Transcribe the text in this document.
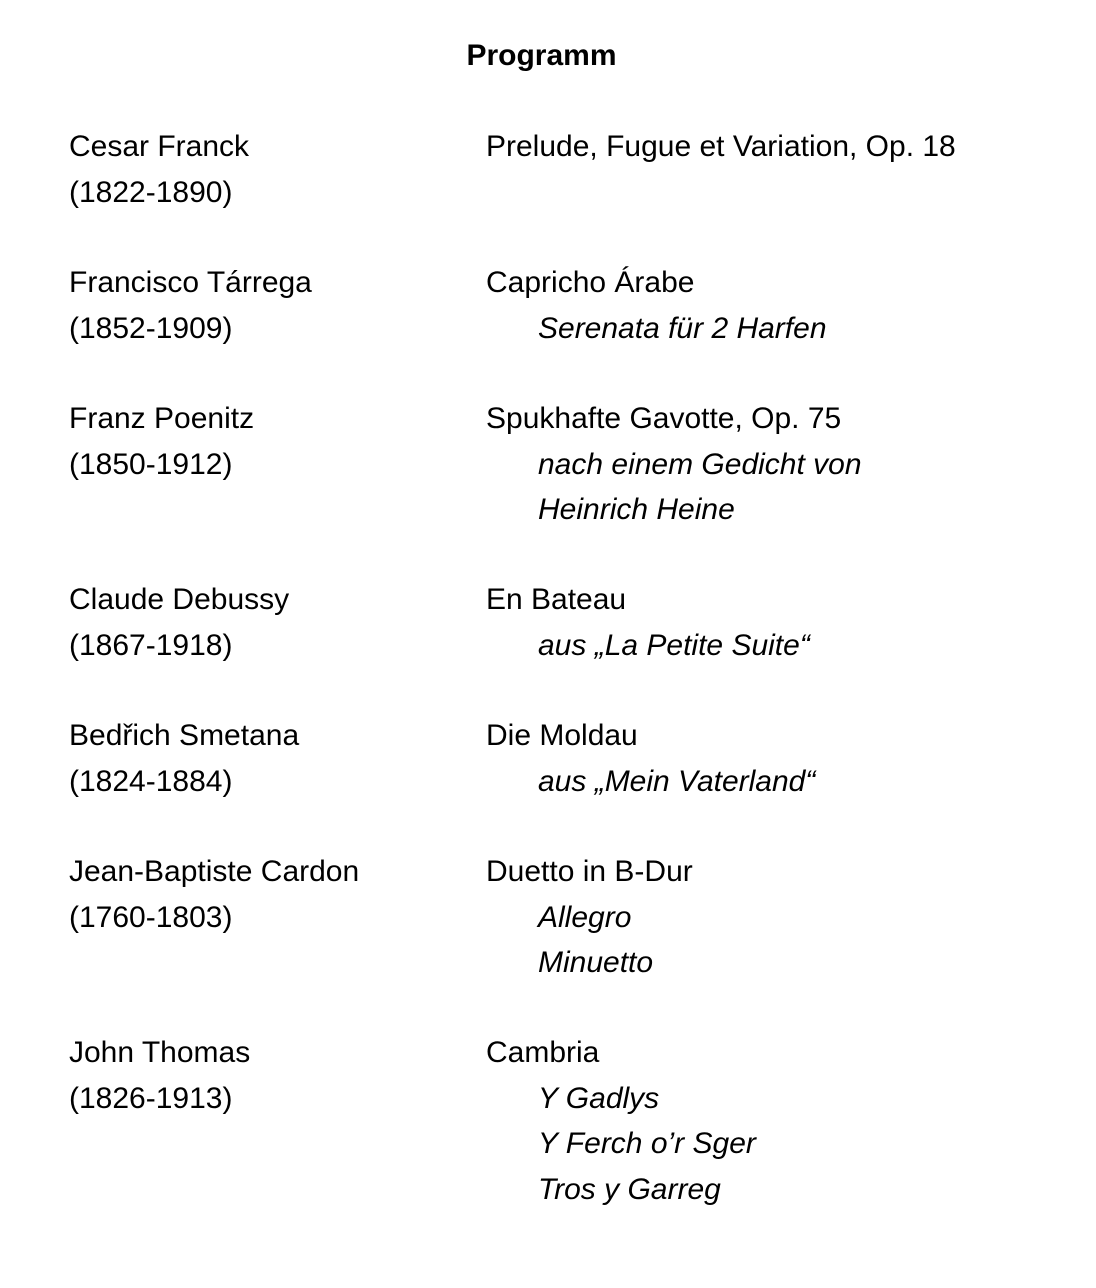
Programm
Cesar Franck
(1822-1890)
Prelude, Fugue et Variation, Op. 18
Francisco Tárrega
(1852-1909)
Capricho Árabe
Serenata für 2 Harfen
Franz Poenitz
(1850-1912)
Spukhafte Gavotte, Op. 75
nach einem Gedicht von
Heinrich Heine
Claude Debussy
(1867-1918)
En Bateau
aus „La Petite Suite“
Bedřich Smetana
(1824-1884)
Die Moldau
aus „Mein Vaterland“
Jean-Baptiste Cardon
(1760-1803)
Duetto in B-Dur
Allegro
Minuetto
John Thomas
(1826-1913)
Cambria
Y Gadlys
Y Ferch o’r Sger
Tros y Garreg
